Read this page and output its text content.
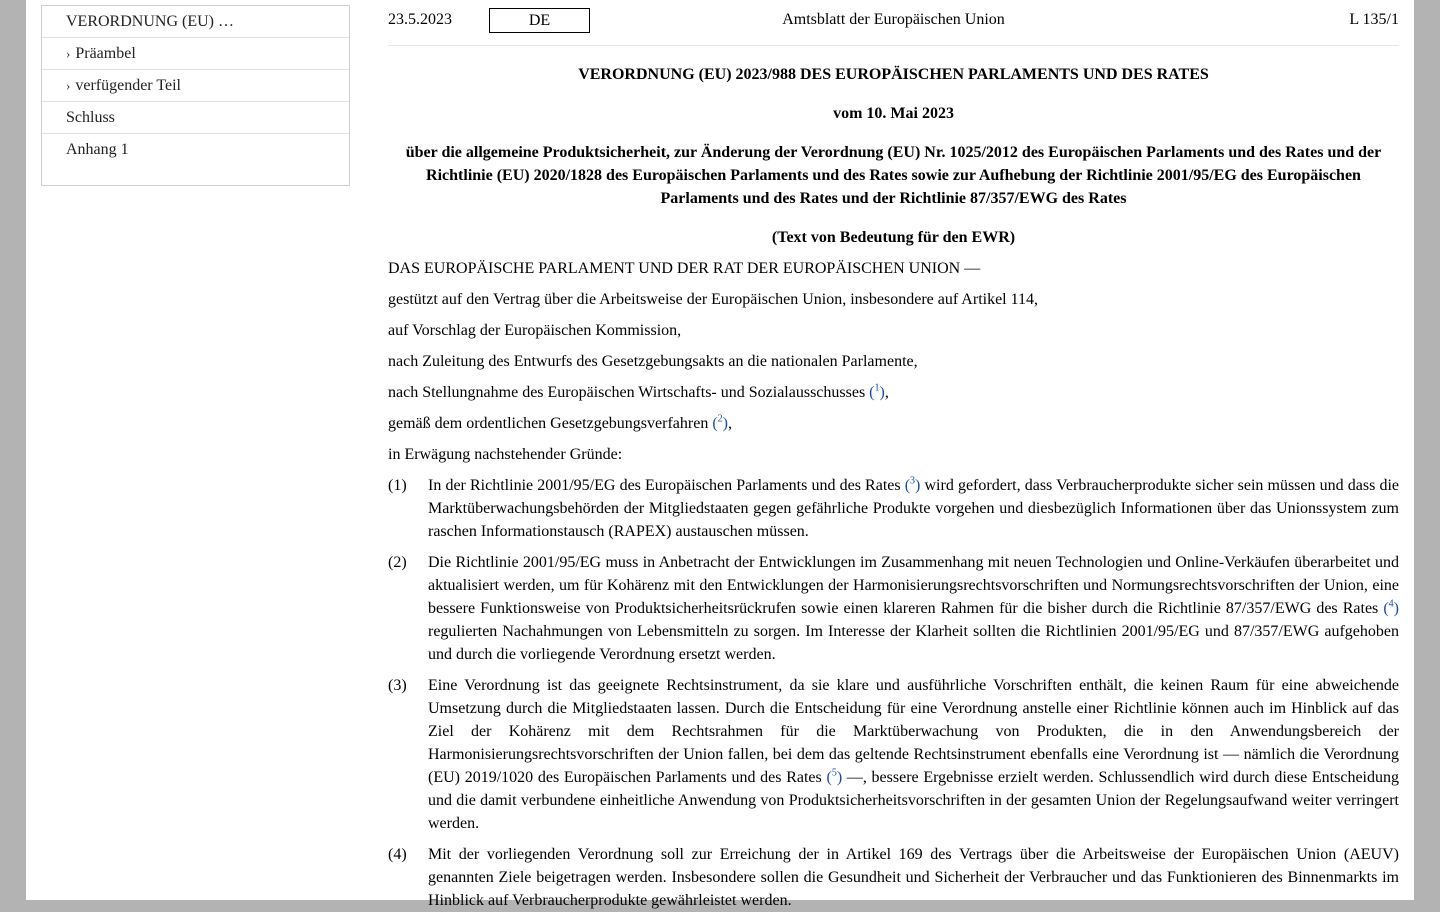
VERORDNUNG (EU) …
› Präambel
› verfügender Teil
Schluss
Anhang 1
23.5.2023	Amtsblatt der Europäischen Union
DE	L 135/1
VERORDNUNG (EU) 2023/988 DES EUROPÄISCHEN PARLAMENTS UND DES RATES
vom 10. Mai 2023
über die allgemeine Produktsicherheit, zur Änderung der Verordnung (EU) Nr. 1025/2012 des Europäischen Parlaments und des Rates und der Richtlinie (EU) 2020/1828 des Europäischen Parlaments und des Rates sowie zur Aufhebung der Richtlinie 2001/95/EG des Europäischen Parlaments und des Rates und der Richtlinie 87/357/EWG des Rates
(Text von Bedeutung für den EWR)

DAS EUROPÄISCHE PARLAMENT UND DER RAT DER EUROPÄISCHEN UNION —

gestützt auf den Vertrag über die Arbeitsweise der Europäischen Union, insbesondere auf Artikel 114,

auf Vorschlag der Europäischen Kommission,

nach Zuleitung des Entwurfs des Gesetzgebungsakts an die nationalen Parlamente,

nach Stellungnahme des Europäischen Wirtschafts- und Sozialausschusses ($^1$),

gemäß dem ordentlichen Gesetzgebungsverfahren ($^2$),

in Erwägung nachstehender Gründe:

(1)	In der Richtlinie 2001/95/EG des Europäischen Parlaments und des Rates ($^3$) wird gefordert, dass Verbraucherprodukte sicher sein müssen und dass die Marktüberwachungsbehörden der Mitgliedstaaten gegen gefährliche Produkte vorgehen und diesbezüglich Informationen über das Unionssystem zum raschen Informationstausch (RAPEX) austauschen müssen.
(2)	Die Richtlinie 2001/95/EG muss in Anbetracht der Entwicklungen im Zusammenhang mit neuen Technologien und Online-Verkäufen überarbeitet und aktualisiert werden, um für Kohärenz mit den Entwicklungen der Harmonisierungsrechtsvorschriften und Normungsrechtsvorschriften der Union, eine bessere Funktionsweise von Produktsicherheitsrückrufen sowie einen klareren Rahmen für die bisher durch die Richtlinie 87/357/EWG des Rates ($^4$) regulierten Nachahmungen von Lebensmitteln zu sorgen. Im Interesse der Klarheit sollten die Richtlinien 2001/95/EG und 87/357/EWG aufgehoben und durch die vorliegende Verordnung ersetzt werden.
(3)	Eine Verordnung ist das geeignete Rechtsinstrument, da sie klare und ausführliche Vorschriften enthält, die keinen Raum für eine abweichende Umsetzung durch die Mitgliedstaaten lassen. Durch die Entscheidung für eine Verordnung anstelle einer Richtlinie können auch im Hinblick auf das Ziel der Kohärenz mit dem Rechtsrahmen für die Marktüberwachung von Produkten, die in den Anwendungsbereich der Harmonisierungsrechtsvorschriften der Union fallen, bei dem das geltende Rechtsinstrument ebenfalls eine Verordnung ist — nämlich die Verordnung (EU) 2019/1020 des Europäischen Parlaments und des Rates ($^5$) —, bessere Ergebnisse erzielt werden. Schlussendlich wird durch diese Entscheidung und die damit verbundene einheitliche Anwendung von Produktsicherheitsvorschriften in der gesamten Union der Regelungsaufwand weiter verringert werden.
(4)	Mit der vorliegenden Verordnung soll zur Erreichung der in Artikel 169 des Vertrags über die Arbeitsweise der Europäischen Union (AEUV) genannten Ziele beigetragen werden. Insbesondere sollen die Gesundheit und Sicherheit der Verbraucher und das Funktionieren des Binnenmarkts im Hinblick auf Verbraucherprodukte gewährleistet werden.
